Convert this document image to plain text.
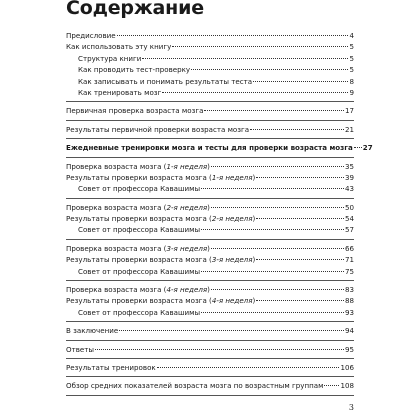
Содержание
Предисловие	4
Как использовать эту книгу	5
Структура книги	5
Как проводить тест-проверку	5
Как записывать и понимать результаты теста	8
Как тренировать мозг	9
Первичная проверка возраста мозга	17
Результаты первичной проверки возраста мозга	21
Ежедневные тренировки мозга и тесты для проверки возраста мозга 27
Проверка возраста мозга (1-я неделя)	35
Результаты проверки возраста мозга (1-я неделя)	39
Совет от профессора Кавашимы	43
Проверка возраста мозга (2-я неделя)	50
Результаты проверки возраста мозга (2-я неделя)	54
Совет от профессора Кавашимы	57
Проверка возраста мозга (3-я неделя)	66
Результаты проверки возраста мозга (3-я неделя)	71
Совет от профессора Кавашимы	75
Проверка возраста мозга (4-я неделя)	83
Результаты проверки возраста мозга (4-я неделя)	88
Совет от профессора Кавашимы	93
В заключение	94
Ответы	95
Результаты тренировок	106
Обзор средних показателей возраста мозга по возрастным группам 108
3
